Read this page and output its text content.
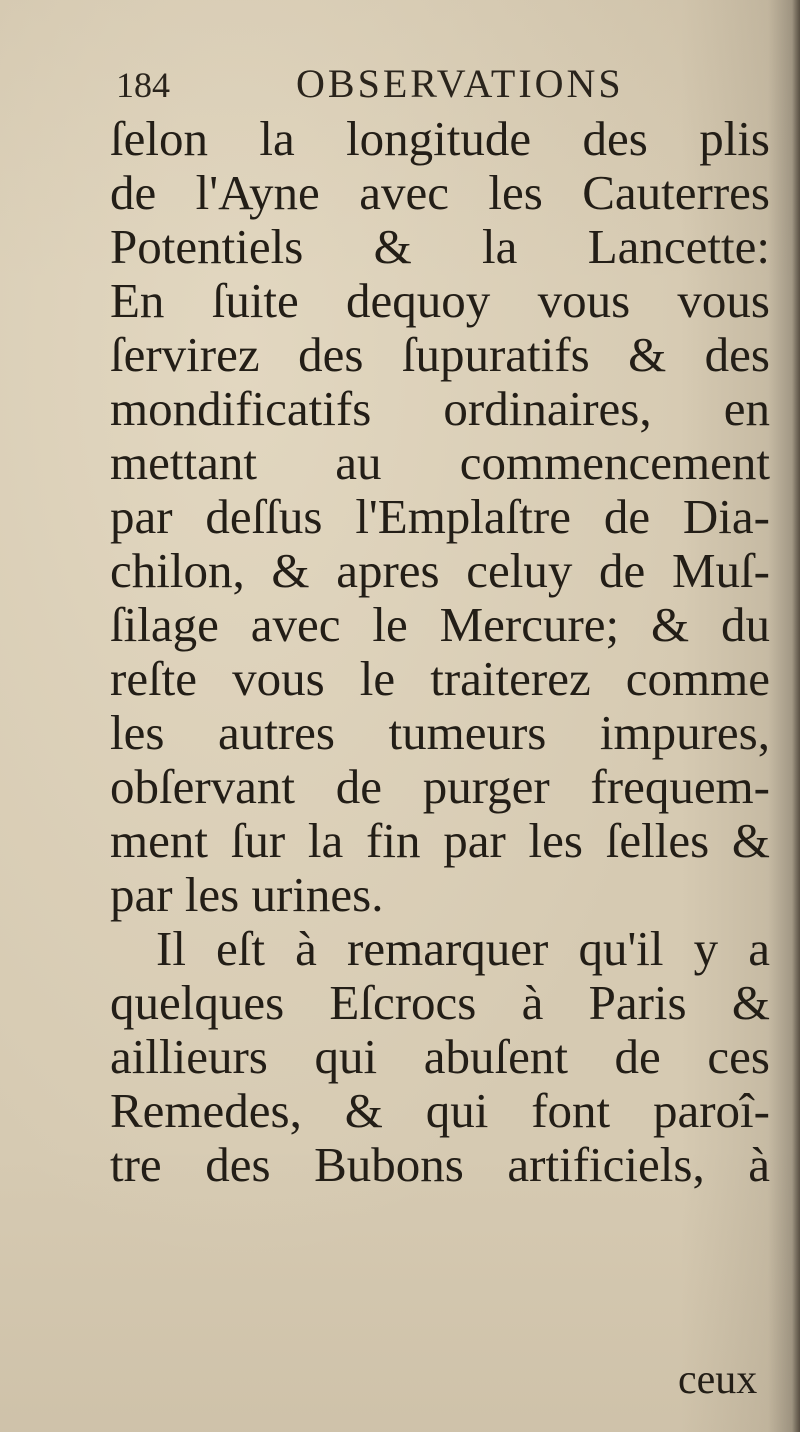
184	OBSERVATIONS
ſelon la longitude des plis
de l'Ayne avec les Cauterres
Potentiels & la Lancette:
En ſuite dequoy vous vous
ſervirez des ſupuratifs & des
mondificatifs ordinaires, en
mettant au commencement
par deſſus l'Emplaſtre de Dia-
chilon, & apres celuy de Muſ-
ſilage avec le Mercure; & du
reſte vous le traiterez comme
les autres tumeurs impures,
obſervant de purger frequem-
ment ſur la fin par les ſelles &
par les urines.
Il eſt à remarquer qu'il y a
quelques Eſcrocs à Paris &
aillieurs qui abuſent de ces
Remedes, & qui font paroî-
tre des Bubons artificiels, à
ceux
